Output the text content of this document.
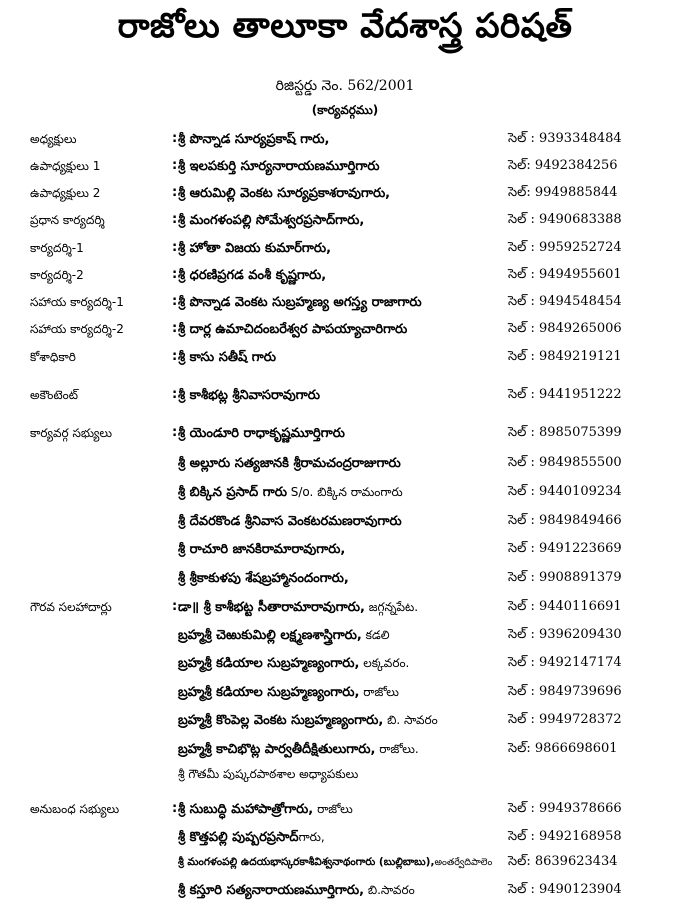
రాజోలు తాలూకా వేదశాస్త్ర పరిషత్
రిజిస్టర్డు నెం. 562/2001
(కార్యవర్గము)
అధ్యక్షులు	: శ్రీ పొన్నాడ సూర్యప్రకాష్ గారు,	సెల్ : 9393348484
ఉపాధ్యక్షులు 1	: శ్రీ ఇలపకుర్తి సూర్యనారాయణమూర్తిగారు	సెల్: 9492384256
ఉపాధ్యక్షులు 2	: శ్రీ ఆరుమిల్లి వెంకట సూర్యప్రకాశరావుగారు,	సెల్: 9949885844
ప్రధాన కార్యదర్శి	: శ్రీ మంగళంపల్లి సోమేశ్వరప్రసాద్‌గారు,	సెల్ : 9490683388
కార్యదర్శి-1	: శ్రీ హోతా విజయ కుమార్‌గారు,	సెల్ : 9959252724
కార్యదర్శి-2	: శ్రీ ధరణిప్రగడ వంశీ కృష్ణగారు,	సెల్ : 9494955601
సహాయ కార్యదర్శి-1	: శ్రీ పొన్నాడ వెంకట సుబ్రహ్మణ్య అగస్త్య రాజాగారు	సెల్ : 9494548454
సహాయ కార్యదర్శి-2	: శ్రీ దార్ల ఉమాచిదంబరేశ్వర పాపయ్యాచారిగారు	సెల్ : 9849265006
కోశాధికారి	: శ్రీ కాసు సతీష్ గారు	సెల్ : 9849219121
అకౌంటెంట్	: శ్రీ కాశీభట్ల శ్రీనివాసరావుగారు	సెల్ : 9441951222
కార్యవర్గ సభ్యులు	: శ్రీ యెండూరి రాధాకృష్ణమూర్తిగారు	సెల్ : 8985075399
శ్రీ అల్లూరు సత్యజానకి శ్రీరామచంద్రరాజుగారు	సెల్ : 9849855500
శ్రీ బిక్కిన ప్రసాద్ గారు S/o. బిక్కిన రామంగారు	సెల్ : 9440109234
శ్రీ దేవరకొండ శ్రీనివాస వెంకటరమణరావుగారు	సెల్ : 9849849466
శ్రీ రాచూరి జానకిరామారావుగారు,	సెల్ : 9491223669
శ్రీ శ్రీకాకుళపు శేషబ్రహ్మానందంగారు,	సెల్ : 9908891379
గౌరవ సలహాదార్లు	: డా॥ శ్రీ కాశీభట్ట సీతారామారావుగారు, జగ్గన్నపేట.	సెల్ : 9440116691
బ్రహ్మశ్రీ చెఱుకుమిల్లి లక్ష్మణశాస్త్రిగారు, కడలి	సెల్ : 9396209430
బ్రహ్మశ్రీ కడియాల సుబ్రహ్మణ్యంగారు, లక్కవరం.	సెల్ : 9492147174
బ్రహ్మశ్రీ కడియాల సుబ్రహ్మణ్యంగారు, రాజోలు	సెల్ : 9849739696
బ్రహ్మశ్రీ కొంపెల్ల వెంకట సుబ్రహ్మణ్యంగారు, బి. సావరం	సెల్ : 9949728372
బ్రహ్మశ్రీ కాచిభొట్ల పార్వతీదీక్షితులుగారు, రాజోలు.	సెల్: 9866698601
శ్రీ గౌతమీ పుష్కరపాఠశాల అధ్యాపకులు
అనుబంధ సభ్యులు	: శ్రీ సుబుద్ధి మహాపాత్రోగారు, రాజోలు	సెల్ : 9949378666
శ్రీ కొత్తపల్లి పుష్పరప్రసాద్గారు,	సెల్ : 9492168958
శ్రీ మంగళంపల్లి ఉదయభాస్కరకాశీవిశ్వనాథంగారు (బుల్లిబాబు),అంతర్వేదిపాలెం సెల్: 8639623434
శ్రీ కస్తూరి సత్యనారాయణమూర్తిగారు, బి.సావరం	సెల్ : 9490123904
